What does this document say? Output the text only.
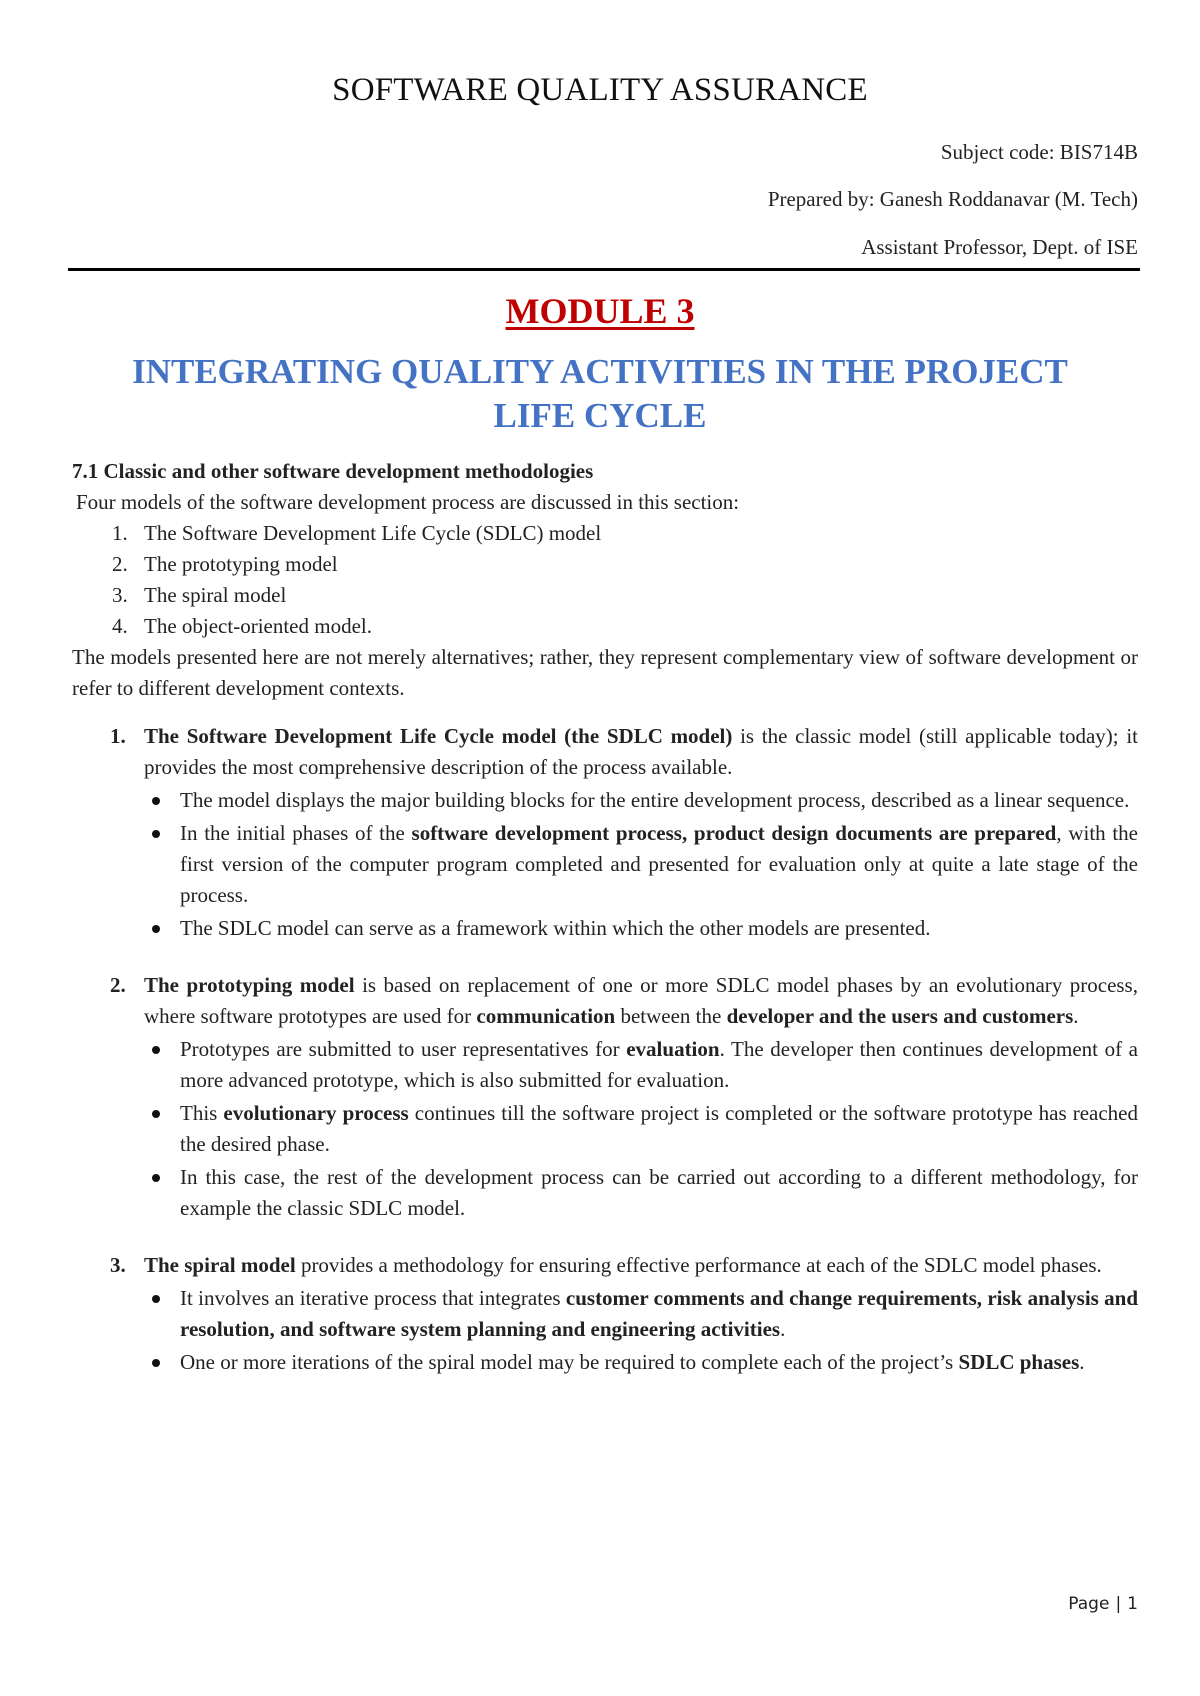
SOFTWARE QUALITY ASSURANCE
Subject code: BIS714B
Prepared by: Ganesh Roddanavar (M. Tech)
Assistant Professor, Dept. of ISE
MODULE 3
INTEGRATING QUALITY ACTIVITIES IN THE PROJECT LIFE CYCLE
7.1 Classic and other software development methodologies
Four models of the software development process are discussed in this section:
1. The Software Development Life Cycle (SDLC) model
2. The prototyping model
3. The spiral model
4. The object-oriented model.

The models presented here are not merely alternatives; rather, they represent complementary view of software development or refer to different development contexts.

1. The Software Development Life Cycle model (the SDLC model) is the classic model (still applicable today); it provides the most comprehensive description of the process available.
The model displays the major building blocks for the entire development process, described as a linear sequence.
In the initial phases of the software development process, product design documents are prepared, with the first version of the computer program completed and presented for evaluation only at quite a late stage of the process.
The SDLC model can serve as a framework within which the other models are presented.
2. The prototyping model is based on replacement of one or more SDLC model phases by an evolutionary process, where software prototypes are used for communication between the developer and the users and customers.
Prototypes are submitted to user representatives for evaluation. The developer then continues development of a more advanced prototype, which is also submitted for evaluation.
This evolutionary process continues till the software project is completed or the software prototype has reached the desired phase.
In this case, the rest of the development process can be carried out according to a different methodology, for example the classic SDLC model.
3. The spiral model provides a methodology for ensuring effective performance at each of the SDLC model phases.
It involves an iterative process that integrates customer comments and change requirements, risk analysis and resolution, and software system planning and engineering activities.
One or more iterations of the spiral model may be required to complete each of the project’s SDLC phases.
Page | 1
